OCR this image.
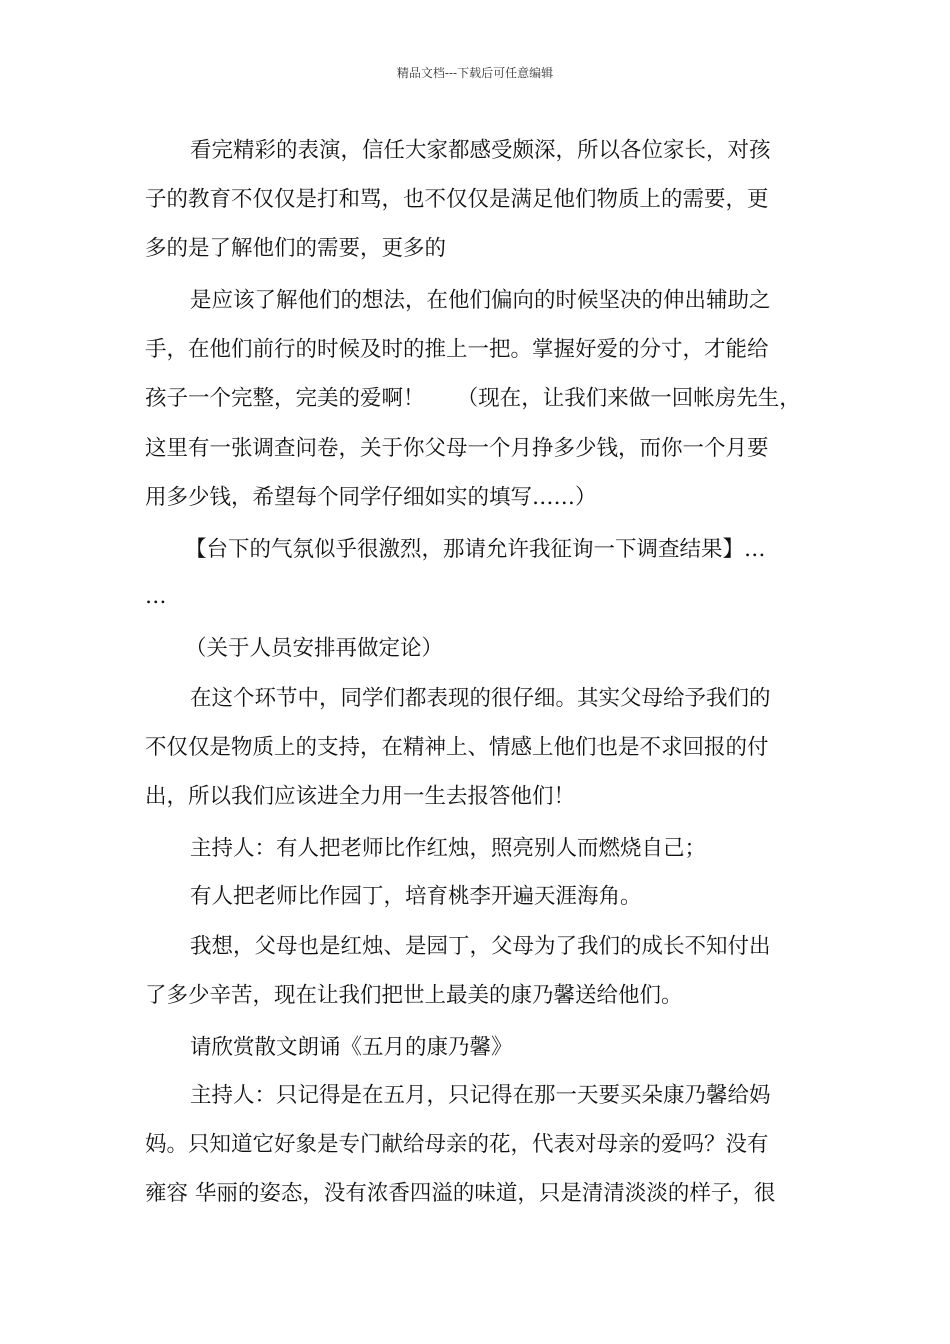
精品文档---下载后可任意编辑
看完精彩的表演，信任大家都感受颇深，所以各位家长，对孩
子的教育不仅仅是打和骂，也不仅仅是满足他们物质上的需要，更
多的是了解他们的需要，更多的
是应该了解他们的想法，在他们偏向的时候坚决的伸出辅助之
手，在他们前行的时候及时的推上一把。掌握好爱的分寸，才能给
孩子一个完整，完美的爱啊！　　（现在，让我们来做一回帐房先生，
这里有一张调查问卷，关于你父母一个月挣多少钱，而你一个月要
用多少钱，希望每个同学仔细如实的填写……）
【台下的气氛似乎很激烈，那请允许我征询一下调查结果】…
…
（关于人员安排再做定论）
在这个环节中，同学们都表现的很仔细。其实父母给予我们的
不仅仅是物质上的支持，在精神上、情感上他们也是不求回报的付
出，所以我们应该进全力用一生去报答他们！
主持人：有人把老师比作红烛，照亮别人而燃烧自己；
有人把老师比作园丁，培育桃李开遍天涯海角。
我想，父母也是红烛、是园丁，父母为了我们的成长不知付出
了多少辛苦，现在让我们把世上最美的康乃馨送给他们。
请欣赏散文朗诵《五月的康乃馨》
主持人：只记得是在五月，只记得在那一天要买朵康乃馨给妈
妈。只知道它好象是专门献给母亲的花，代表对母亲的爱吗？没有
雍容 华丽的姿态，没有浓香四溢的味道，只是清清淡淡的样子，很
